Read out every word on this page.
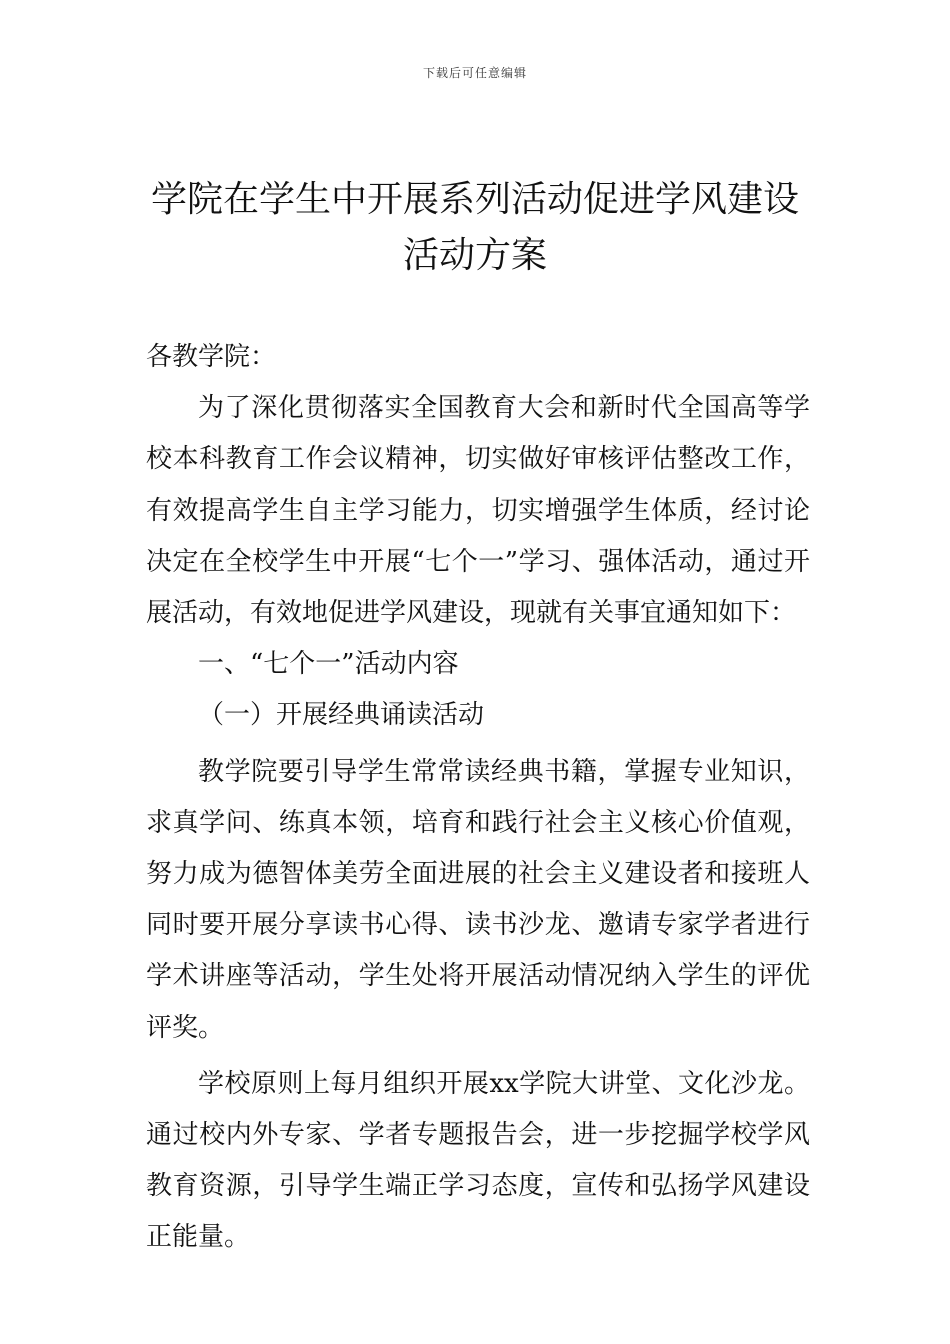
下载后可任意编辑
学院在学生中开展系列活动促进学风建设
活动方案

各教学院：

为了深化贯彻落实全国教育大会和新时代全国高等学校本科教育工作会议精神，切实做好审核评估整改工作，有效提高学生自主学习能力，切实增强学生体质，经讨论决定在全校学生中开展“七个一”学习、强体活动，通过开展活动，有效地促进学风建设，现就有关事宜通知如下：

一、“七个一”活动内容

（一）开展经典诵读活动

教学院要引导学生常常读经典书籍，掌握专业知识，求真学问、练真本领，培育和践行社会主义核心价值观，努力成为德智体美劳全面进展的社会主义建设者和接班人同时要开展分享读书心得、读书沙龙、邀请专家学者进行学术讲座等活动，学生处将开展活动情况纳入学生的评优评奖。

学校原则上每月组织开展xx学院大讲堂、文化沙龙。通过校内外专家、学者专题报告会，进一步挖掘学校学风教育资源，引导学生端正学习态度，宣传和弘扬学风建设正能量。
